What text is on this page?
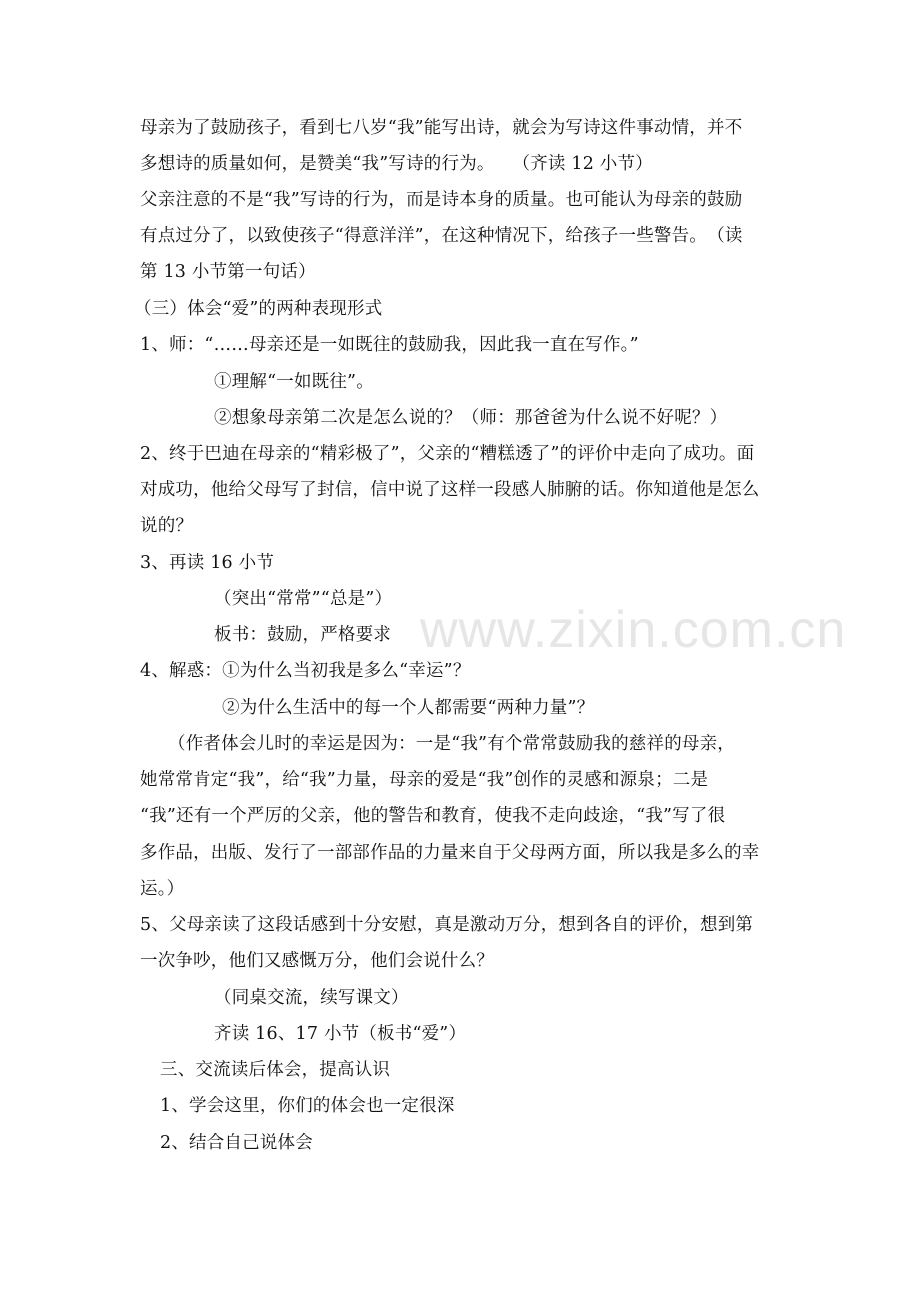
www.zixin.com.cn
母亲为了鼓励孩子，看到七八岁“我”能写出诗，就会为写诗这件事动情，并不
多想诗的质量如何，是赞美“我”写诗的行为。　　（齐读 12 小节）
父亲注意的不是“我”写诗的行为，而是诗本身的质量。也可能认为母亲的鼓励
有点过分了，以致使孩子“得意洋洋”，在这种情况下，给孩子一些警告。　（读
第 13 小节第一句话）
（三）体会“爱”的两种表现形式
1、师：“……母亲还是一如既往的鼓励我，因此我一直在写作。”
①理解“一如既往”。
②想象母亲第二次是怎么说的？（师：那爸爸为什么说不好呢？）
2、终于巴迪在母亲的“精彩极了”，父亲的“糟糕透了”的评价中走向了成功。面
对成功，他给父母写了封信，信中说了这样一段感人肺腑的话。你知道他是怎么
说的？
3、再读 16 小节
（突出“常常”“总是”）
板书：鼓励，严格要求
4、解惑：①为什么当初我是多么“幸运”？
②为什么生活中的每一个人都需要“两种力量”？
（作者体会儿时的幸运是因为：一是“我”有个常常鼓励我的慈祥的母亲，
她常常肯定“我”，给“我”力量，母亲的爱是“我”创作的灵感和源泉；二是
“我”还有一个严厉的父亲，他的警告和教育，使我不走向歧途，“我”写了很
多作品，出版、发行了一部部作品的力量来自于父母两方面，所以我是多么的幸
运。）
5、父母亲读了这段话感到十分安慰，真是激动万分，想到各自的评价，想到第
一次争吵，他们又感慨万分，他们会说什么？
（同桌交流，续写课文）
齐读 16、17 小节（板书“爱”）
三、交流读后体会，提高认识
1、学会这里，你们的体会也一定很深
2、结合自己说体会
